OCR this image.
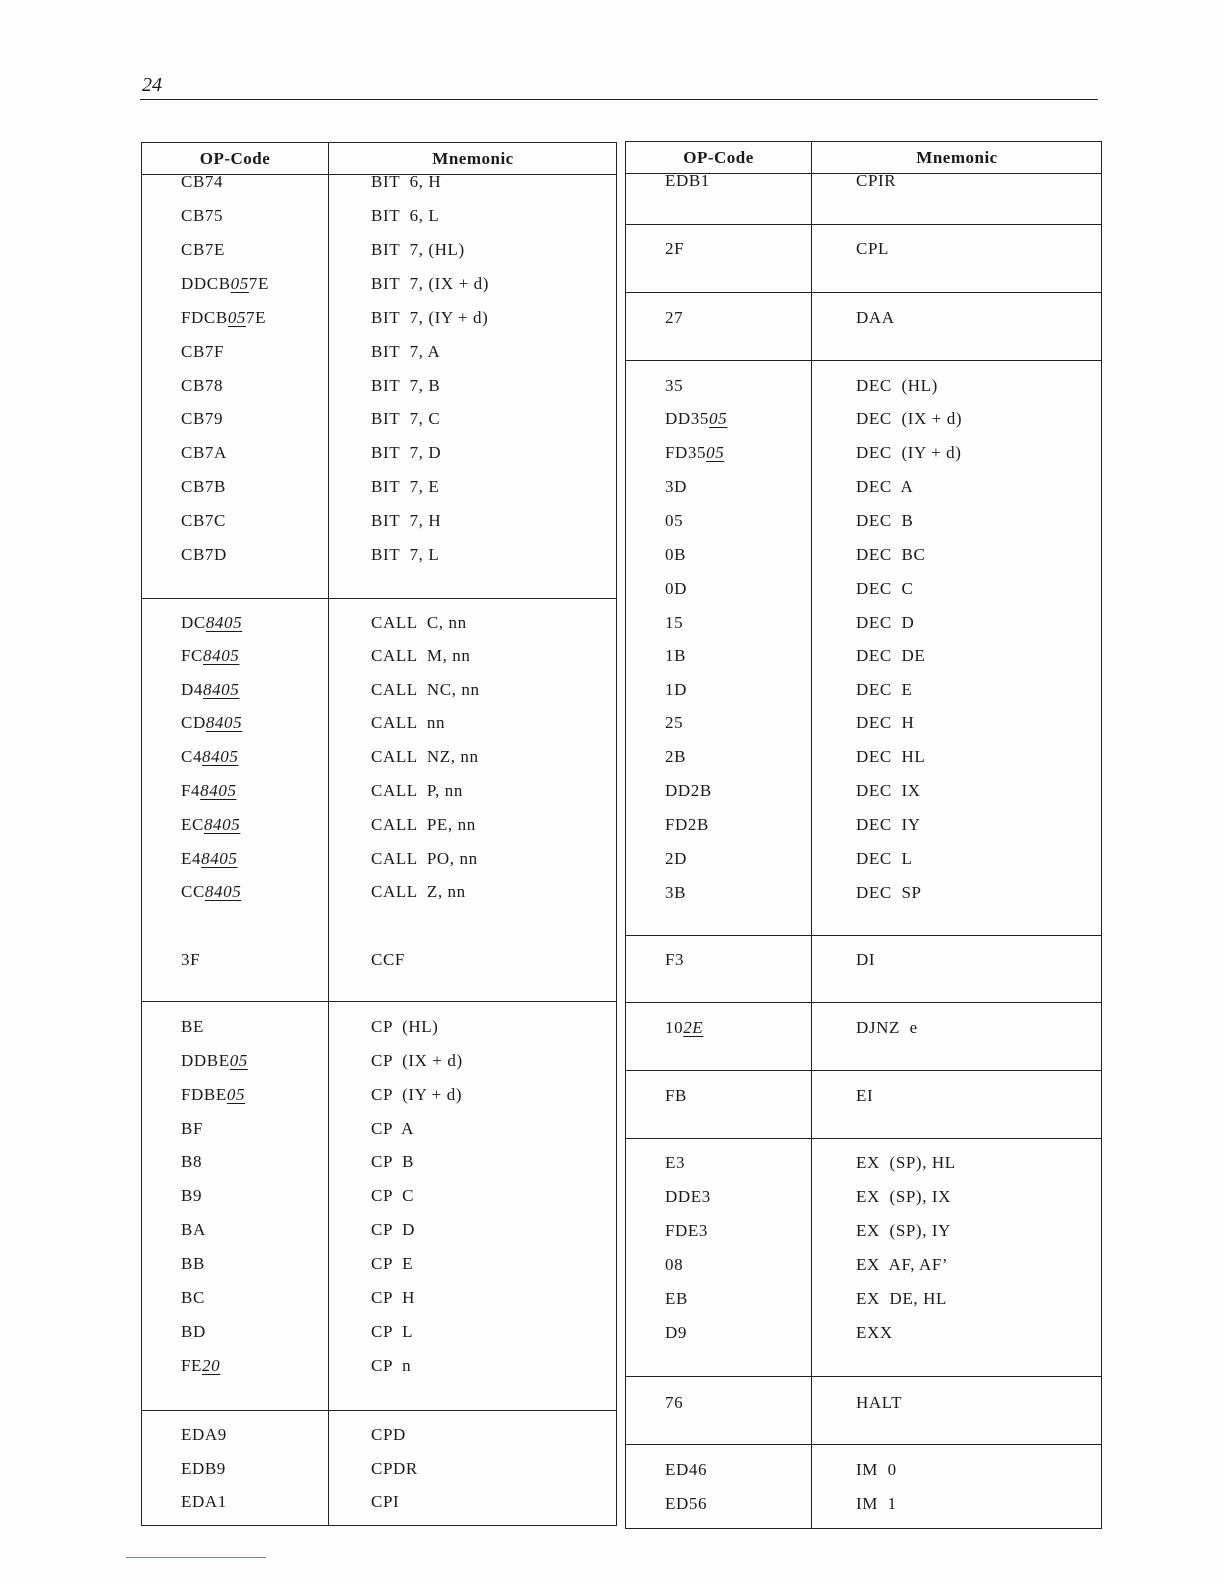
24
OP-Code	Mnemonic
CB74	BIT  6, H
CB75	BIT  6, L
CB7E	BIT  7, (HL)
DDCB057E	BIT  7, (IX + d)
FDCB057E	BIT  7, (IY + d)
CB7F	BIT  7, A
CB78	BIT  7, B
CB79	BIT  7, C
CB7A	BIT  7, D
CB7B	BIT  7, E
CB7C	BIT  7, H
CB7D	BIT  7, L
DC8405	CALL  C, nn
FC8405	CALL  M, nn
D48405	CALL  NC, nn
CD8405	CALL  nn
C48405	CALL  NZ, nn
F48405	CALL  P, nn
EC8405	CALL  PE, nn
E48405	CALL  PO, nn
CC8405	CALL  Z, nn
3F	CCF
BE	CP  (HL)
DDBE05	CP  (IX + d)
FDBE05	CP  (IY + d)
BF	CP  A
B8	CP  B
B9	CP  C
BA	CP  D
BB	CP  E
BC	CP  H
BD	CP  L
FE20	CP  n
EDA9	CPD
EDB9	CPDR
EDA1	CPI
OP-Code	Mnemonic
EDB1	CPIR
2F	CPL
27	DAA
35	DEC  (HL)
DD3505	DEC  (IX + d)
FD3505	DEC  (IY + d)
3D	DEC  A
05	DEC  B
0B	DEC  BC
0D	DEC  C
15	DEC  D
1B	DEC  DE
1D	DEC  E
25	DEC  H
2B	DEC  HL
DD2B	DEC  IX
FD2B	DEC  IY
2D	DEC  L
3B	DEC  SP
F3	DI
102E	DJNZ  e
FB	EI
E3	EX  (SP), HL
DDE3	EX  (SP), IX
FDE3	EX  (SP), IY
08	EX  AF, AF’
EB	EX  DE, HL
D9	EXX
76	HALT
ED46	IM  0
ED56	IM  1
